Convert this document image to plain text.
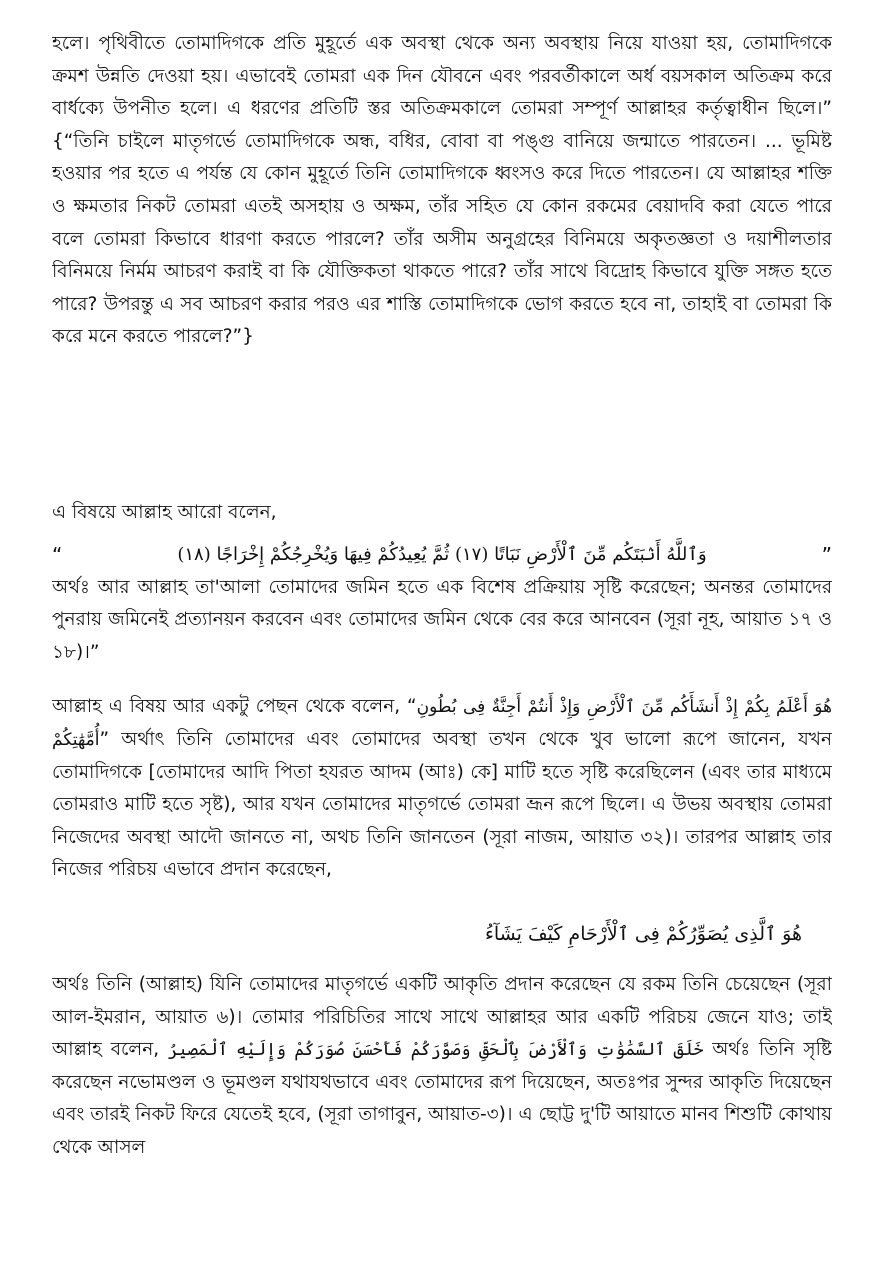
হলে। পৃথিবীতে তোমাদিগকে প্রতি মুহূর্তে এক অবস্থা থেকে অন্য অবস্থায় নিয়ে যাওয়া হয়, তোমাদিগকে ক্রমশ উন্নতি দেওয়া হয়। এভাবেই তোমরা এক দিন যৌবনে এবং পরবর্তীকালে অর্ধ বয়সকাল অতিক্রম করে বার্ধক্যে উপনীত হলে। এ ধরণের প্রতিটি স্তর অতিক্রমকালে তোমরা সম্পূর্ণ আল্লাহর কর্তৃত্বাধীন ছিলে।” {“তিনি চাইলে মাতৃগর্ভে তোমাদিগকে অন্ধ, বধির, বোবা বা পঙ্গু বানিয়ে জন্মাতে পারতেন। ... ভূমিষ্ট হওয়ার পর হতে এ পর্যন্ত যে কোন মুহূর্তে তিনি তোমাদিগকে ধ্বংসও করে দিতে পারতেন। যে আল্লাহর শক্তি ও ক্ষমতার নিকট তোমরা এতই অসহায় ও অক্ষম, তাঁর সহিত যে কোন রকমের বেয়াদবি করা যেতে পারে বলে তোমরা কিভাবে ধারণা করতে পারলে? তাঁর অসীম অনুগ্রহের বিনিময়ে অকৃতজ্ঞতা ও দয়াশীলতার বিনিময়ে নির্মম আচরণ করাই বা কি যৌক্তিকতা থাকতে পারে? তাঁর সাথে বিদ্রোহ কিভাবে যুক্তি সঙ্গত হতে পারে? উপরন্তু এ সব আচরণ করার পরও এর শাস্তি তোমাদিগকে ভোগ করতে হবে না, তাহাই বা তোমরা কি করে মনে করতে পারলে?”}

এ বিষয়ে আল্লাহ আরো বলেন,

“	وَٱللَّهُ أَنۢبَتَكُم مِّنَ ٱلْأَرْضِ نَبَاتًا (١٧) ثُمَّ يُعِيدُكُمْ فِيهَا وَيُخْرِجُكُمْ إِخْرَاجًا (١٨)	”

অর্থঃ আর আল্লাহ তা'আলা তোমাদের জমিন হতে এক বিশেষ প্রক্রিয়ায় সৃষ্টি করেছেন; অনন্তর তোমাদের পুনরায় জমিনেই প্রত্যানয়ন করবেন এবং তোমাদের জমিন থেকে বের করে আনবেন (সূরা নূহ, আয়াত ১৭ ও ১৮)।”

আল্লাহ এ বিষয় আর একটু পেছন থেকে বলেন, “هُوَ أَعْلَمُ بِكُمْ إِذْ أَنشَأَكُم مِّنَ ٱلْأَرْضِ وَإِذْ أَنتُمْ أَجِنَّةٌ فِى بُطُونِ أُمَّهَٰتِكُمْ” অর্থাৎ তিনি তোমাদের এবং তোমাদের অবস্থা তখন থেকে খুব ভালো রূপে জানেন, যখন তোমাদিগকে [তোমাদের আদি পিতা হযরত আদম (আঃ) কে] মাটি হতে সৃষ্টি করেছিলেন (এবং তার মাধ্যমে তোমরাও মাটি হতে সৃষ্ট), আর যখন তোমাদের মাতৃগর্ভে তোমরা ভ্রূন রূপে ছিলে। এ উভয় অবস্থায় তোমরা নিজেদের অবস্থা আদৌ জানতে না, অথচ তিনি জানতেন (সূরা নাজম, আয়াত ৩২)। তারপর আল্লাহ তার নিজের পরিচয় এভাবে প্রদান করেছেন,

هُوَ ٱلَّذِى يُصَوِّرُكُمْ فِى ٱلْأَرْحَامِ كَيْفَ يَشَآءُ

অর্থঃ তিনি (আল্লাহ) যিনি তোমাদের মাতৃগর্ভে একটি আকৃতি প্রদান করেছেন যে রকম তিনি চেয়েছেন (সূরা আল-ইমরান, আয়াত ৬)। তোমার পরিচিতির সাথে সাথে আল্লাহর আর একটি পরিচয় জেনে যাও; তাই আল্লাহ বলেন, خَلَقَ ٱلسَّمَٰوَٰتِ وَٱلْأَرْضَ بِٱلْحَقِّ وَصَوَّرَكُمْ فَأَحْسَنَ صُوَرَكُمْ وَإِلَيْهِ ٱلْمَصِيرُ অর্থঃ তিনি সৃষ্টি করেছেন নভোমণ্ডল ও ভূমণ্ডল যথাযথভাবে এবং তোমাদের রূপ দিয়েছেন, অতঃপর সুন্দর আকৃতি দিয়েছেন এবং তারই নিকট ফিরে যেতেই হবে, (সূরা তাগাবুন, আয়াত-৩)। এ ছোট্ট দু'টি আয়াতে মানব শিশুটি কোথায় থেকে আসল
